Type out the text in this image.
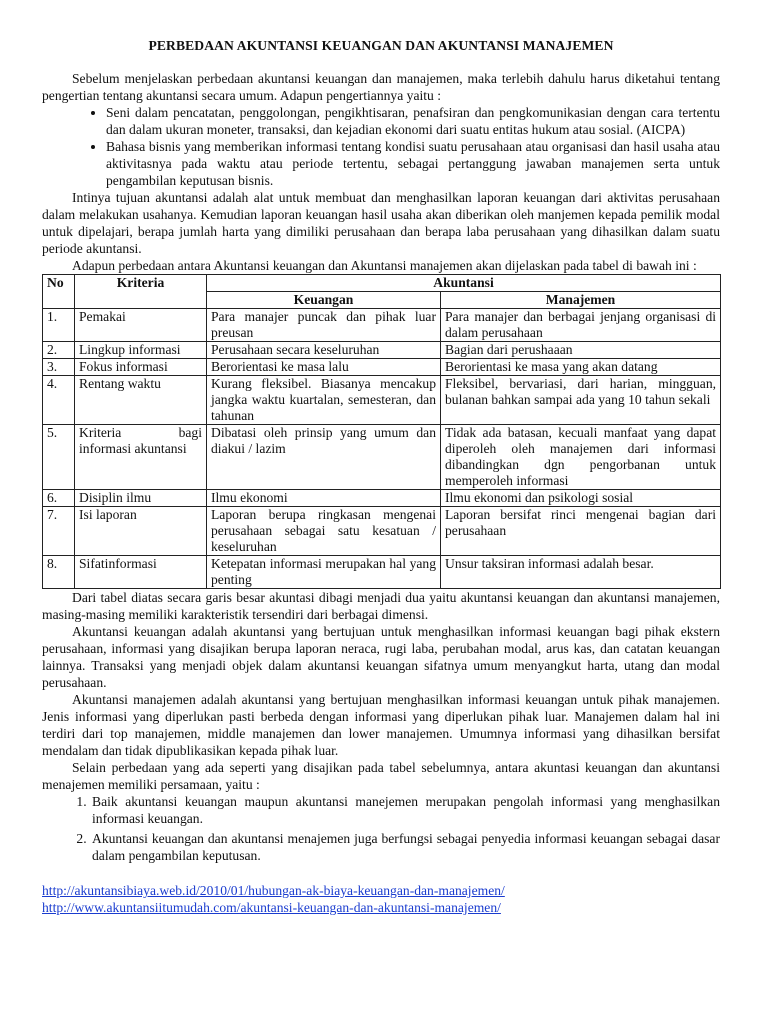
PERBEDAAN AKUNTANSI KEUANGAN DAN AKUNTANSI MANAJEMEN

Sebelum menjelaskan perbedaan akuntansi keuangan dan manajemen, maka terlebih dahulu harus diketahui tentang pengertian tentang akuntansi secara umum. Adapun pengertiannya yaitu :

• Seni dalam pencatatan, penggolongan, pengikhtisaran, penafsiran dan pengkomunikasian dengan cara tertentu dan dalam ukuran moneter, transaksi, dan kejadian ekonomi dari suatu entitas hukum atau sosial. (AICPA)
• Bahasa bisnis yang memberikan informasi tentang kondisi suatu perusahaan atau organisasi dan hasil usaha atau aktivitasnya pada waktu atau periode tertentu, sebagai pertanggung jawaban manajemen serta untuk pengambilan keputusan bisnis.

Intinya tujuan akuntansi adalah alat untuk membuat dan menghasilkan laporan keuangan dari aktivitas perusahaan dalam melakukan usahanya. Kemudian laporan keuangan hasil usaha akan diberikan oleh manjemen kepada pemilik modal untuk dipelajari, berapa jumlah harta yang dimiliki perusahaan dan berapa laba perusahaan yang dihasilkan dalam suatu periode akuntansi.

Adapun perbedaan antara Akuntansi keuangan dan Akuntansi manajemen akan dijelaskan pada tabel di bawah ini :

No	Kriteria	Akuntansi	
		Keuangan	Manajemen
1.	Pemakai	Para manajer puncak dan pihak luar preusan	Para manajer dan berbagai jenjang organisasi di dalam perusahaan
2.	Lingkup informasi	Perusahaan secara keseluruhan	Bagian dari perushaaan
3.	Fokus informasi	Berorientasi ke masa lalu	Berorientasi ke masa yang akan datang
4.	Rentang waktu	Kurang fleksibel. Biasanya mencakup jangka waktu kuartalan, semesteran, dan tahunan	Fleksibel, bervariasi, dari harian, mingguan, bulanan bahkan sampai ada yang 10 tahun sekali
5.	Kriteria bagi informasi akuntansi	Dibatasi oleh prinsip yang umum dan diakui / lazim	Tidak ada batasan, kecuali manfaat yang dapat diperoleh oleh manajemen dari informasi dibandingkan dgn pengorbanan untuk memperoleh informasi
6.	Disiplin ilmu	Ilmu ekonomi	Ilmu ekonomi dan psikologi sosial
7.	Isi laporan	Laporan berupa ringkasan mengenai perusahaan sebagai satu kesatuan / keseluruhan	Laporan bersifat rinci mengenai bagian dari perusahaan
8.	Sifatinformasi	Ketepatan informasi merupakan hal yang penting	Unsur taksiran informasi adalah besar.

Dari tabel diatas secara garis besar akuntasi dibagi menjadi dua yaitu akuntansi keuangan dan akuntansi manajemen, masing-masing memiliki karakteristik tersendiri dari berbagai dimensi.

Akuntansi keuangan adalah akuntansi yang bertujuan untuk menghasilkan informasi keuangan bagi pihak ekstern perusahaan, informasi yang disajikan berupa laporan neraca, rugi laba, perubahan modal, arus kas, dan catatan keuangan lainnya. Transaksi yang menjadi objek dalam akuntansi keuangan sifatnya umum menyangkut harta, utang dan modal perusahaan.

Akuntansi manajemen adalah akuntansi yang bertujuan menghasilkan informasi keuangan untuk pihak manajemen. Jenis informasi yang diperlukan pasti berbeda dengan informasi yang diperlukan pihak luar. Manajemen dalam hal ini terdiri dari top manajemen, middle manajemen dan lower manajemen. Umumnya informasi yang dihasilkan bersifat mendalam dan tidak dipublikasikan kepada pihak luar.

Selain perbedaan yang ada seperti yang disajikan pada tabel sebelumnya, antara akuntasi keuangan dan akuntansi menajemen memiliki persamaan, yaitu :

1. Baik akuntansi keuangan maupun akuntansi manejemen merupakan pengolah informasi yang menghasilkan informasi keuangan.
2. Akuntansi keuangan dan akuntansi menajemen juga berfungsi sebagai penyedia informasi keuangan sebagai dasar dalam pengambilan keputusan.
http://akuntansibiaya.web.id/2010/01/hubungan-ak-biaya-keuangan-dan-manajemen/
http://www.akuntansiitumudah.com/akuntansi-keuangan-dan-akuntansi-manajemen/
